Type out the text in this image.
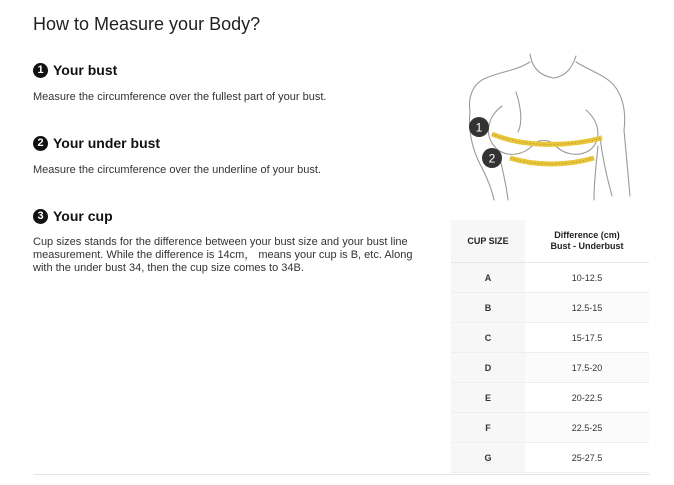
How to Measure your Body?
1 Your bust
Measure the circumference over the fullest part of your bust.
2 Your under bust
Measure the circumference over the underline of your bust.
3 Your cup
Cup sizes stands for the difference between your bust size and your bust line measurement. While the difference is 14cm， means your cup is B, etc. Along with the under bust 34, then the cup size comes to 34B.
1
2
CUP SIZE	Difference (cm)
Bust - Underbust

A	10-12.5
B	12.5-15
C	15-17.5
D	17.5-20
E	20-22.5
F	22.5-25
G	25-27.5
